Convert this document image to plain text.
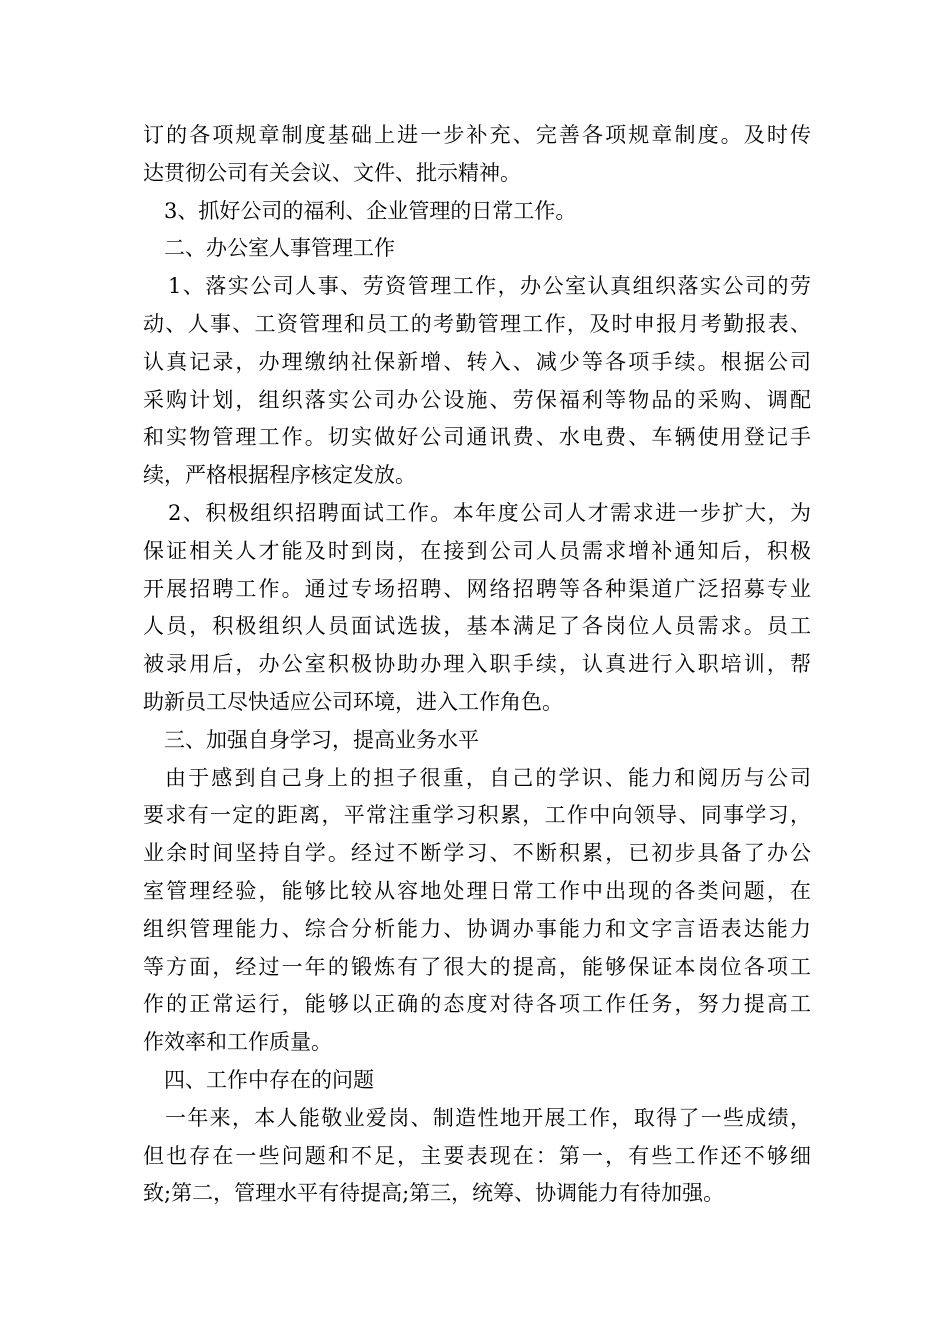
订的各项规章制度基础上进一步补充、完善各项规章制度。及时传
达贯彻公司有关会议、文件、批示精神。
3、抓好公司的福利、企业管理的日常工作。
二、办公室人事管理工作
1、落实公司人事、劳资管理工作，办公室认真组织落实公司的劳
动、人事、工资管理和员工的考勤管理工作，及时申报月考勤报表、
认真记录，办理缴纳社保新增、转入、减少等各项手续。根据公司
采购计划，组织落实公司办公设施、劳保福利等物品的采购、调配
和实物管理工作。切实做好公司通讯费、水电费、车辆使用登记手
续，严格根据程序核定发放。
2、积极组织招聘面试工作。本年度公司人才需求进一步扩大，为
保证相关人才能及时到岗，在接到公司人员需求增补通知后，积极
开展招聘工作。通过专场招聘、网络招聘等各种渠道广泛招募专业
人员，积极组织人员面试选拔，基本满足了各岗位人员需求。员工
被录用后，办公室积极协助办理入职手续，认真进行入职培训，帮
助新员工尽快适应公司环境，进入工作角色。
三、加强自身学习，提高业务水平
由于感到自己身上的担子很重，自己的学识、能力和阅历与公司
要求有一定的距离，平常注重学习积累，工作中向领导、同事学习，
业余时间坚持自学。经过不断学习、不断积累，已初步具备了办公
室管理经验，能够比较从容地处理日常工作中出现的各类问题，在
组织管理能力、综合分析能力、协调办事能力和文字言语表达能力
等方面，经过一年的锻炼有了很大的提高，能够保证本岗位各项工
作的正常运行，能够以正确的态度对待各项工作任务，努力提高工
作效率和工作质量。
四、工作中存在的问题
一年来，本人能敬业爱岗、制造性地开展工作，取得了一些成绩，
但也存在一些问题和不足，主要表现在：第一，有些工作还不够细
致;第二，管理水平有待提高;第三，统筹、协调能力有待加强。
